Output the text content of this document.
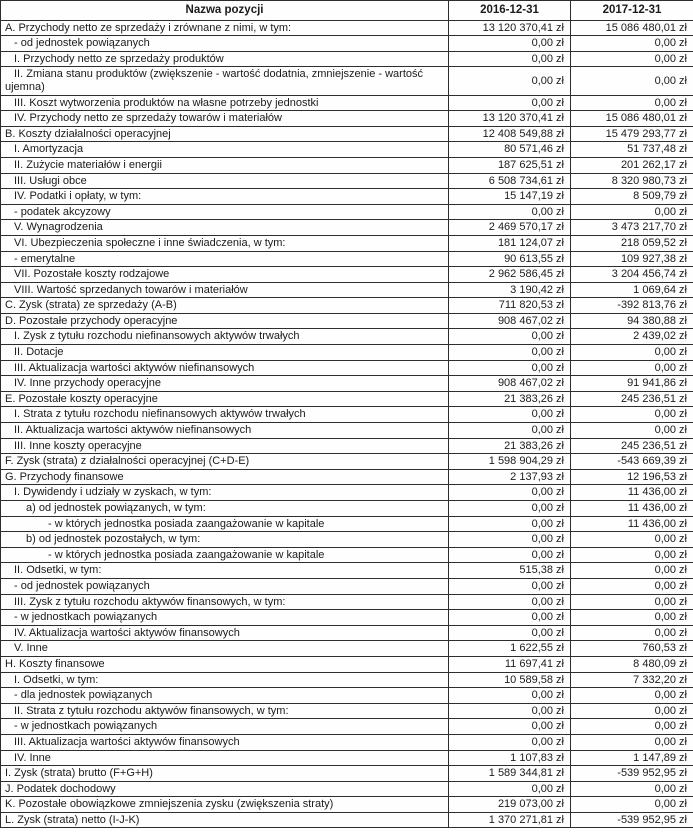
Nazwa pozycji	2016-12-31	2017-12-31
A. Przychody netto ze sprzedaży i zrównane z nimi, w tym:	13 120 370,41 zł	15 086 480,01 zł
- od jednostek powiązanych	0,00 zł	0,00 zł
I. Przychody netto ze sprzedaży produktów	0,00 zł	0,00 zł
II. Zmiana stanu produktów (zwiększenie - wartość dodatnia, zmniejszenie - wartość ujemna)	0,00 zł	0,00 zł
III. Koszt wytworzenia produktów na własne potrzeby jednostki	0,00 zł	0,00 zł
IV. Przychody netto ze sprzedaży towarów i materiałów	13 120 370,41 zł	15 086 480,01 zł
B. Koszty działalności operacyjnej	12 408 549,88 zł	15 479 293,77 zł
I. Amortyzacja	80 571,46 zł	51 737,48 zł
II. Zużycie materiałów i energii	187 625,51 zł	201 262,17 zł
III. Usługi obce	6 508 734,61 zł	8 320 980,73 zł
IV. Podatki i opłaty, w tym:	15 147,19 zł	8 509,79 zł
- podatek akcyzowy	0,00 zł	0,00 zł
V. Wynagrodzenia	2 469 570,17 zł	3 473 217,70 zł
VI. Ubezpieczenia społeczne i inne świadczenia, w tym:	181 124,07 zł	218 059,52 zł
- emerytalne	90 613,55 zł	109 927,38 zł
VII. Pozostałe koszty rodzajowe	2 962 586,45 zł	3 204 456,74 zł
VIII. Wartość sprzedanych towarów i materiałów	3 190,42 zł	1 069,64 zł
C. Zysk (strata) ze sprzedaży (A-B)	711 820,53 zł	-392 813,76 zł
D. Pozostałe przychody operacyjne	908 467,02 zł	94 380,88 zł
I. Zysk z tytułu rozchodu niefinansowych aktywów trwałych	0,00 zł	2 439,02 zł
II. Dotacje	0,00 zł	0,00 zł
III. Aktualizacja wartości aktywów niefinansowych	0,00 zł	0,00 zł
IV. Inne przychody operacyjne	908 467,02 zł	91 941,86 zł
E. Pozostałe koszty operacyjne	21 383,26 zł	245 236,51 zł
I. Strata z tytułu rozchodu niefinansowych aktywów trwałych	0,00 zł	0,00 zł
II. Aktualizacja wartości aktywów niefinansowych	0,00 zł	0,00 zł
III. Inne koszty operacyjne	21 383,26 zł	245 236,51 zł
F. Zysk (strata) z działalności operacyjnej (C+D-E)	1 598 904,29 zł	-543 669,39 zł
G. Przychody finansowe	2 137,93 zł	12 196,53 zł
I. Dywidendy i udziały w zyskach, w tym:	0,00 zł	11 436,00 zł
a) od jednostek powiązanych, w tym:	0,00 zł	11 436,00 zł
- w których jednostka posiada zaangażowanie w kapitale	0,00 zł	11 436,00 zł
b) od jednostek pozostałych, w tym:	0,00 zł	0,00 zł
- w których jednostka posiada zaangażowanie w kapitale	0,00 zł	0,00 zł
II. Odsetki, w tym:	515,38 zł	0,00 zł
- od jednostek powiązanych	0,00 zł	0,00 zł
III. Zysk z tytułu rozchodu aktywów finansowych, w tym:	0,00 zł	0,00 zł
- w jednostkach powiązanych	0,00 zł	0,00 zł
IV. Aktualizacja wartości aktywów finansowych	0,00 zł	0,00 zł
V. Inne	1 622,55 zł	760,53 zł
H. Koszty finansowe	11 697,41 zł	8 480,09 zł
I. Odsetki, w tym:	10 589,58 zł	7 332,20 zł
- dla jednostek powiązanych	0,00 zł	0,00 zł
II. Strata z tytułu rozchodu aktywów finansowych, w tym:	0,00 zł	0,00 zł
- w jednostkach powiązanych	0,00 zł	0,00 zł
III. Aktualizacja wartości aktywów finansowych	0,00 zł	0,00 zł
IV. Inne	1 107,83 zł	1 147,89 zł
I. Zysk (strata) brutto (F+G+H)	1 589 344,81 zł	-539 952,95 zł
J. Podatek dochodowy	0,00 zł	0,00 zł
K. Pozostałe obowiązkowe zmniejszenia zysku (zwiększenia straty)	219 073,00 zł	0,00 zł
L. Zysk (strata) netto (I-J-K)	1 370 271,81 zł	-539 952,95 zł
